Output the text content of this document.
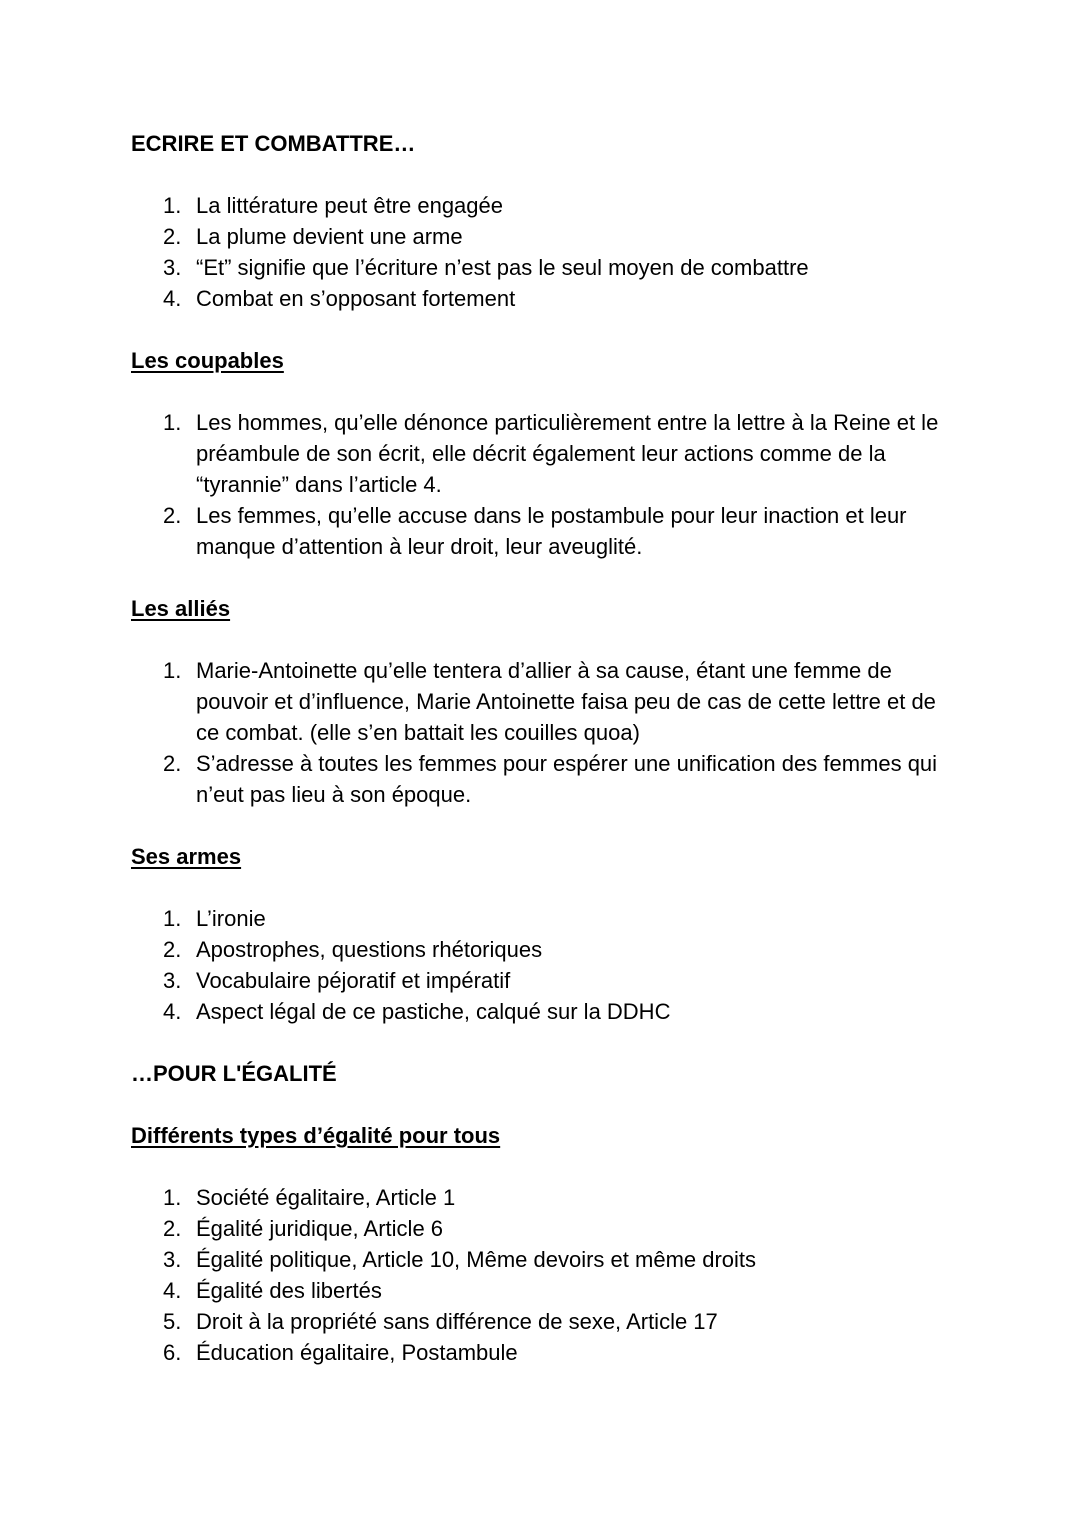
ECRIRE ET COMBATTRE…
1. La littérature peut être engagée
2. La plume devient une arme
3. “Et” signifie que l’écriture n’est pas le seul moyen de combattre
4. Combat en s’opposant fortement
Les coupables
1. Les hommes, qu’elle dénonce particulièrement entre la lettre à la Reine et le préambule de son écrit, elle décrit également leur actions comme de la “tyrannie” dans l’article 4.
2. Les femmes, qu’elle accuse dans le postambule pour leur inaction et leur manque d’attention à leur droit, leur aveuglité.
Les alliés
1. Marie-Antoinette qu’elle tentera d’allier à sa cause, étant une femme de pouvoir et d’influence, Marie Antoinette faisa peu de cas de cette lettre et de ce combat. (elle s’en battait les couilles quoa)
2. S’adresse à toutes les femmes pour espérer une unification des femmes qui n’eut pas lieu à son époque.
Ses armes
1. L’ironie
2. Apostrophes, questions rhétoriques
3. Vocabulaire péjoratif et impératif
4. Aspect légal de ce pastiche, calqué sur la DDHC
…POUR L'ÉGALITÉ
Différents types d’égalité pour tous
1. Société égalitaire, Article 1
2. Égalité juridique, Article 6
3. Égalité politique, Article 10, Même devoirs et même droits
4. Égalité des libertés
5. Droit à la propriété sans différence de sexe, Article 17
6. Éducation égalitaire, Postambule
